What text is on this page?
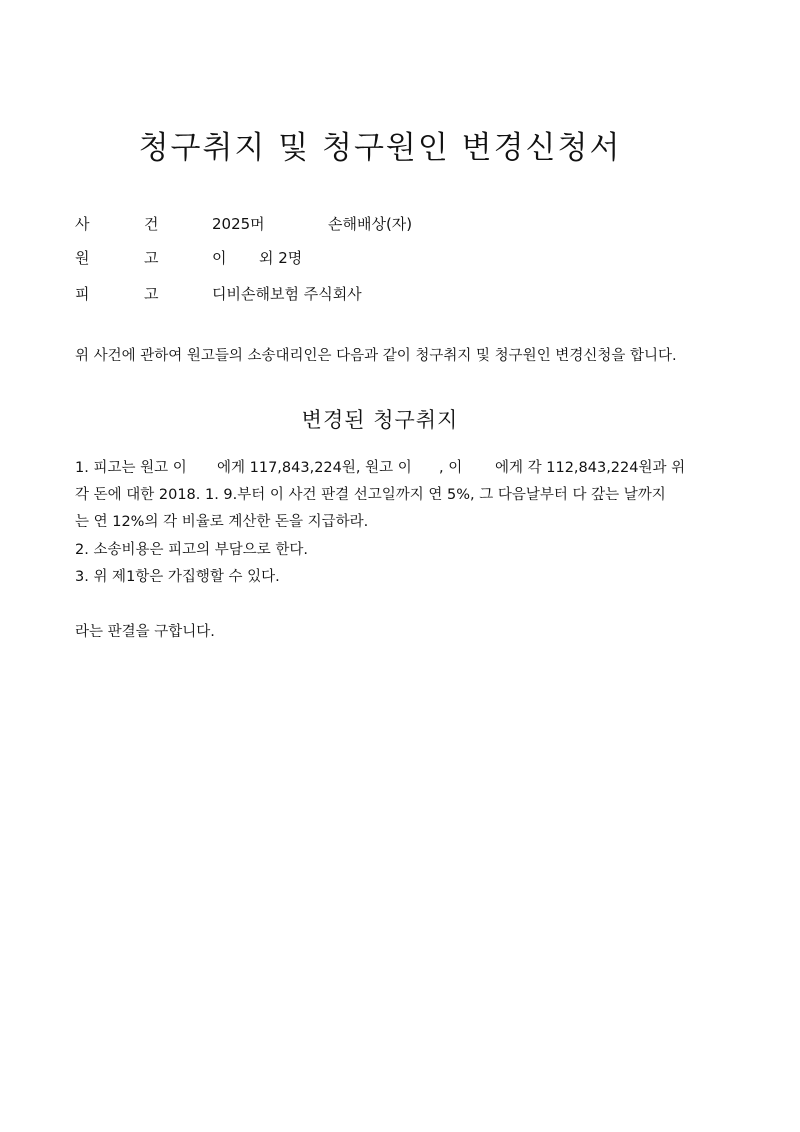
청구취지 및 청구원인 변경신청서
사	건	2025머	손해배상(자)
원	고	이 외 2명
피	고	디비손해보험 주식회사

위 사건에 관하여 원고들의 소송대리인은 다음과 같이 청구취지 및 청구원인 변경신청을 합니다.

변경된 청구취지
1. 피고는 원고 이 에게 117,843,224원, 원고 이 , 이 에게 각 112,843,224원과 위

각 돈에 대한 2018. 1. 9.부터 이 사건 판결 선고일까지 연 5%, 그 다음날부터 다 갚는 날까지

는 연 12%의 각 비율로 계산한 돈을 지급하라.

2. 소송비용은 피고의 부담으로 한다.

3. 위 제1항은 가집행할 수 있다.

라는 판결을 구합니다.
